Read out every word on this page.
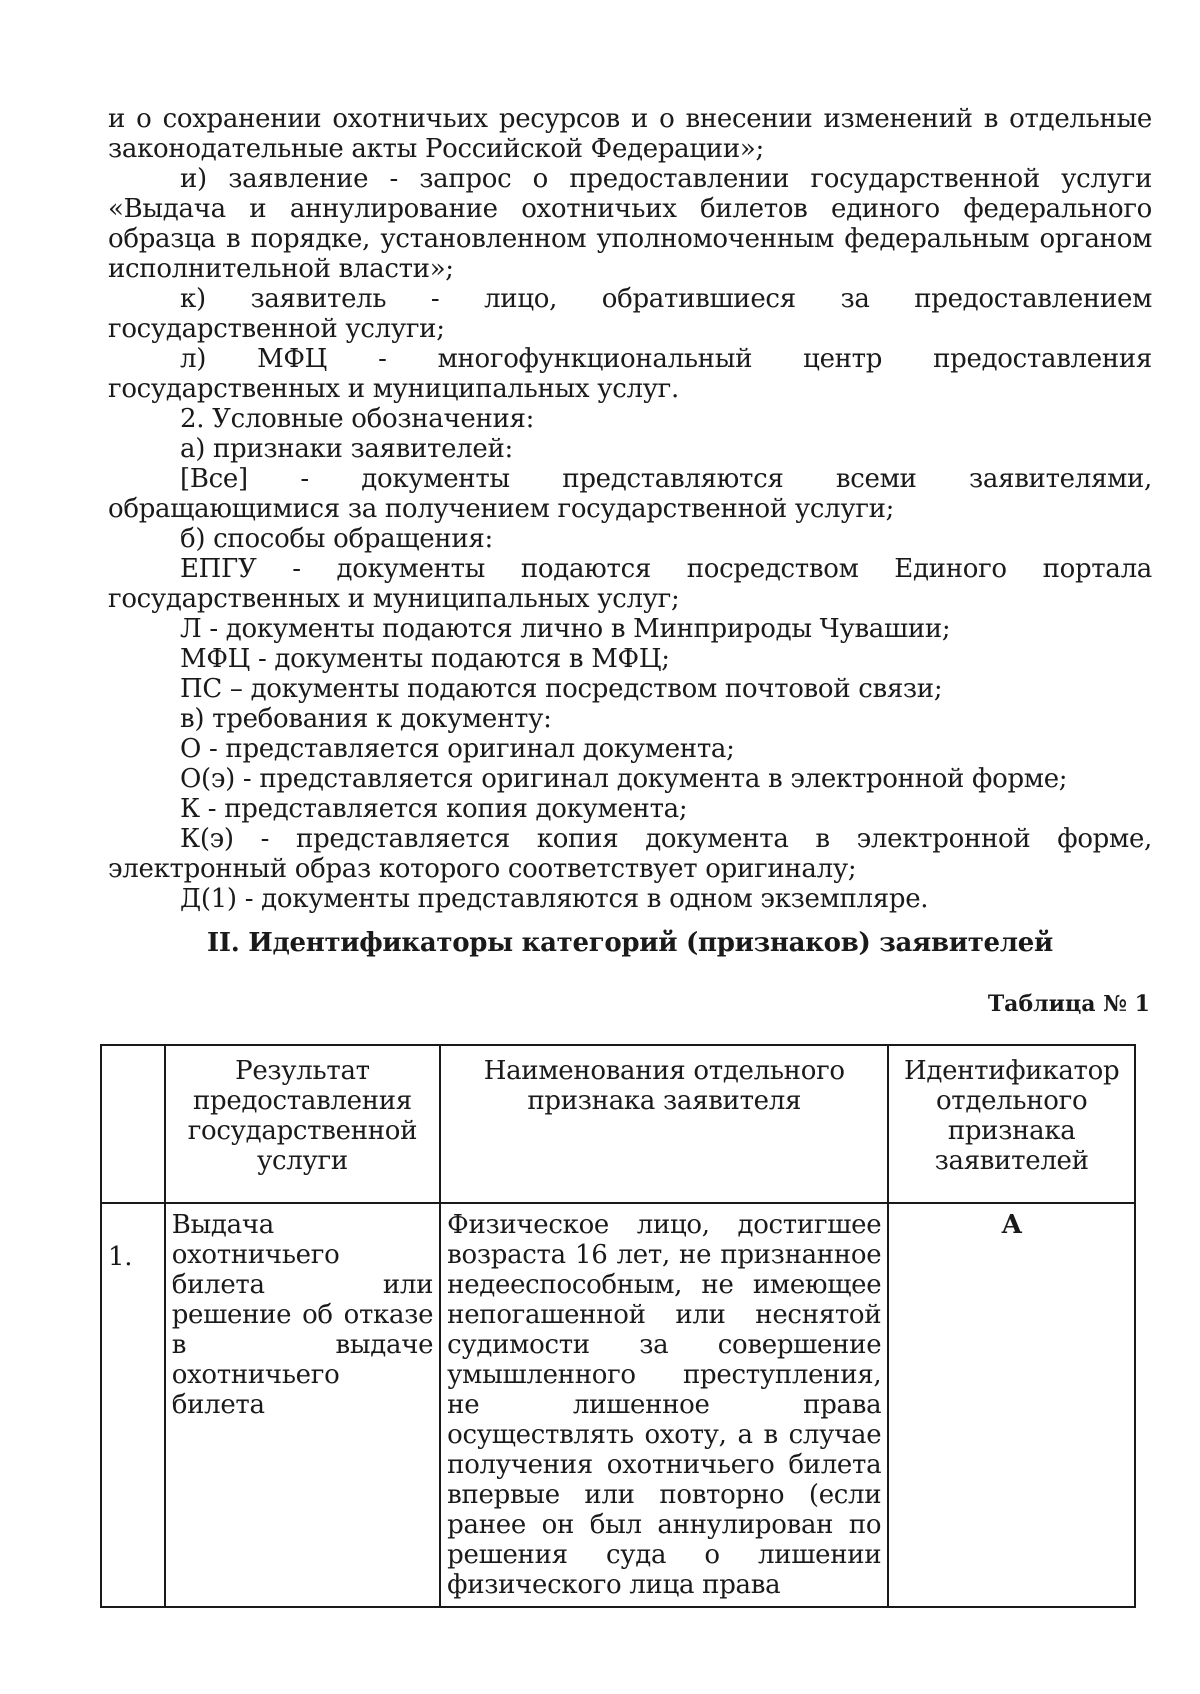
и о сохранении охотничьих ресурсов и о внесении изменений в отдельные законодательные акты Российской Федерации»;

и) заявление - запрос о предоставлении государственной услуги «Выдача и аннулирование охотничьих билетов единого федерального образца в порядке, установленном уполномоченным федеральным органом исполнительной власти»;

к) заявитель - лицо, обратившиеся за предоставлением государственной услуги;

л) МФЦ - многофункциональный центр предоставления государственных и муниципальных услуг.

2. Условные обозначения:

а) признаки заявителей:

[Все] - документы представляются всеми заявителями, обращающимися за получением государственной услуги;

б) способы обращения:

ЕПГУ - документы подаются посредством Единого портала государственных и муниципальных услуг;

Л - документы подаются лично в Минприроды Чувашии;

МФЦ - документы подаются в МФЦ;

ПС – документы подаются посредством почтовой связи;

в) требования к документу:

О - представляется оригинал документа;

О(э) - представляется оригинал документа в электронной форме;

К - представляется копия документа;

К(э) - представляется копия документа в электронной форме, электронный образ которого соответствует оригиналу;

Д(1) - документы представляются в одном экземпляре.

II. Идентификаторы категорий (признаков) заявителей
Таблица № 1
	Результат предоставления государственной услуги	Наименования отдельного признака заявителя	Идентификатор отдельного признака заявителей
1.	Выдача охотничьего билета или решение об отказе в выдаче охотничьего билета	Физическое лицо, достигшее возраста 16 лет, не признанное недееспособным, не имеющее непогашенной или неснятой судимости за совершение умышленного преступления, не лишенное права осуществлять охоту, а в случае получения охотничьего билета впервые или повторно (если ранее он был аннулирован по решения суда о лишении физического лица права	А
